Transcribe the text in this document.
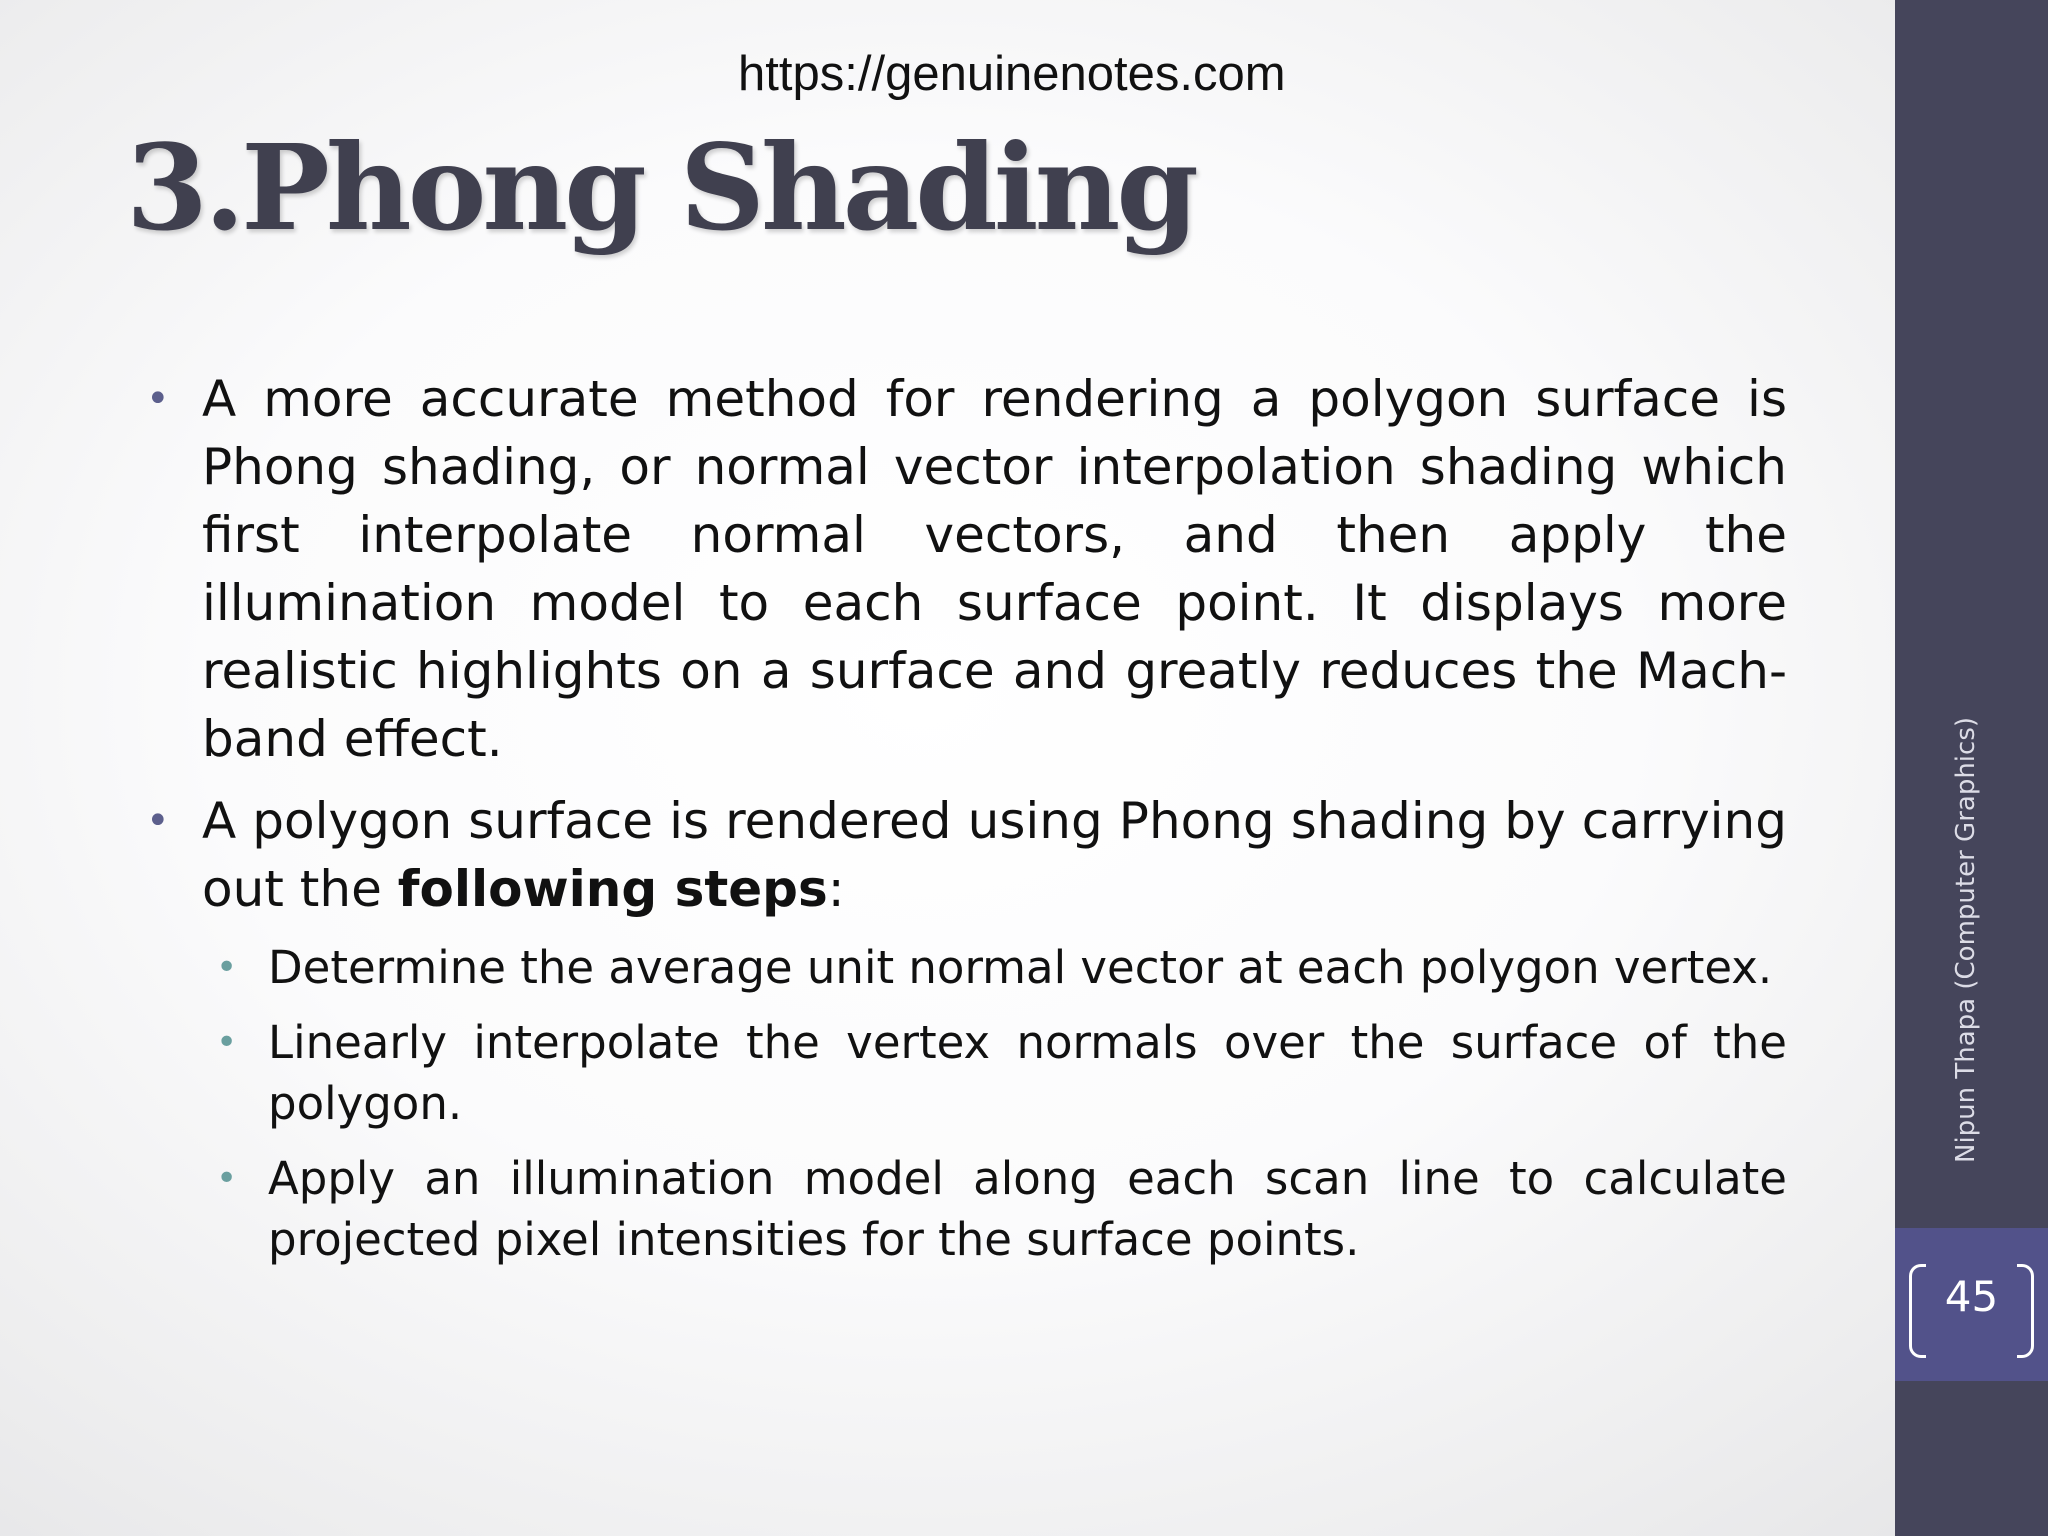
https://genuinenotes.com
3.Phong Shading
• A more accurate method for rendering a polygon surface is Phong shading, or normal vector interpolation shading which first interpolate normal vectors, and then apply the illumination model to each surface point. It displays more realistic highlights on a surface and greatly reduces the Mach-band effect.
• A polygon surface is rendered using Phong shading by carrying out the following steps:
• Determine the average unit normal vector at each polygon vertex.
• Linearly interpolate the vertex normals over the surface of the polygon.
• Apply an illumination model along each scan line to calculate projected pixel intensities for the surface points.
Nipun Thapa (Computer Graphics)
45
